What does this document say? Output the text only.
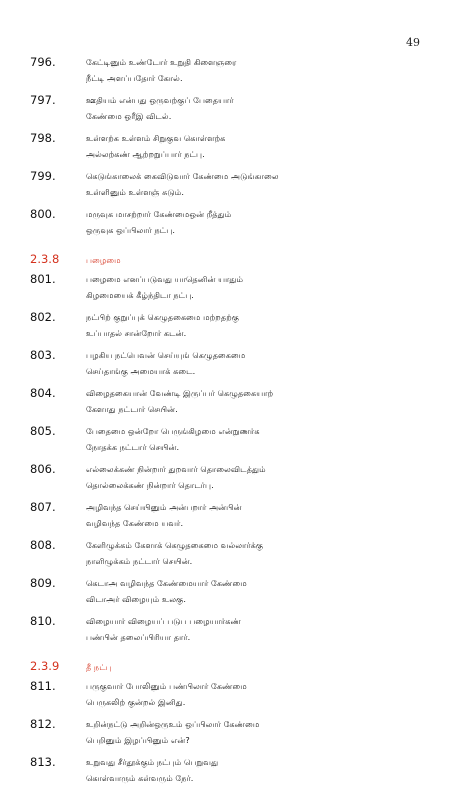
49
796.	கேட்டினும் உண்டோர் உறுதி கிளைஞரை
நீட்டி அளப்பதோர் கோல்.
797.	ஊதியம் என்பது ஒருவற்குப் பேதையார்
கேண்மை ஒரீஇ விடல்.
798.	உள்ளற்க உள்ளம் சிறுகுவ கொள்ளற்க
அல்லற்கண் ஆற்றறுப்பார் நட்பு.
799.	கெடுங்காலைக் கைவிடுவார் கேண்மை அடுங்காலை
உள்ளினும் உள்ளஞ் சுடும்.
800.	மருவுக மாசற்றார் கேண்மைஒன் றீத்தும்
ஒருவுக ஒப்பிலார் நட்பு.
2.3.8	பழைமை
801.	பழைமை எனப்படுவது யாதெனின் யாதும்
கிழமையைக் கீழ்ந்திடா நட்பு.
802.	நட்பிற் குறுப்புக் கெழுதகைமை மற்றதற்கு
உப்பாதல் சான்றோர் கடன்.
803.	பழகிய நட்பெவன் செய்யுங் கெழுதகைமை
செய்தாங்கு அமையாக் கடை.
804.	விழைதகையான் வேண்டி இருப்பர் கெழுதகையாற்
கேளாது நட்டார் செயின்.
805.	பேதைமை ஒன்றோ பெருங்கிழமை என்றுணர்க
நோதக்க நட்டார் செயின்.
806.	எல்லைக்கண் நின்றார் துறவார் தொலைவிடத்தும்
தொல்லைக்கண் நின்றார் தொடர்பு.
807.	அழிவந்த செய்யினும் அன்பறார் அன்பின்
வழிவந்த கேண்மை யவர்.
808.	கேளிழுக்கம் கேளாக் கெழுதகைமை வல்லார்க்கு
நாளிழுக்கம் நட்டார் செயின்.
809.	கெடாஅ வழிவந்த கேண்மையார் கேண்மை
விடாஅர் விழையும் உலகு.
810.	விழையார் விழையப் படுப பழையார்கண்
பண்பின் தலைப்பிரியா தார்.
2.3.9	தீ நட்பு
811.	பருகுவார் போலினும் பண்பிலார் கேண்மை
பெருகலிற் குன்றல் இனிது.
812.	உறின்நட்டு அறின்ஒருஉம் ஒப்பிலார் கேண்மை
பெறினும் இழப்பினும் என்?
813.	உறுவது சீர்தூக்கும் நட்பும் பெறுவது
கொள்வாரும் கள்வரும் நேர்.
